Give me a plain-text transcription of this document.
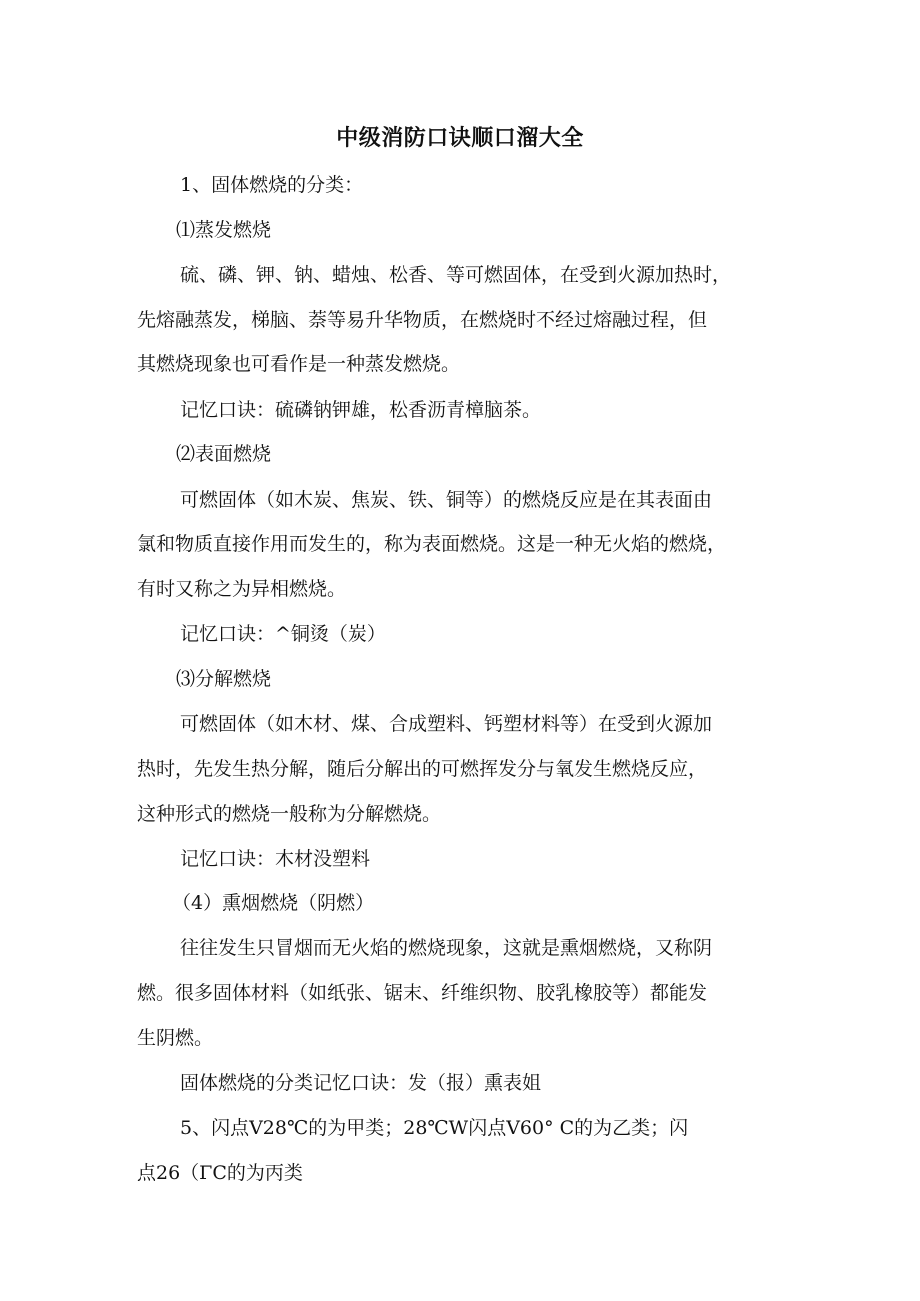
中级消防口诀顺口溜大全

1、固体燃烧的分类：

⑴蒸发燃烧

硫、磷、钾、钠、蜡烛、松香、等可燃固体，在受到火源加热时，

先熔融蒸发，梯脑、萘等易升华物质，在燃烧时不经过熔融过程，但

其燃烧现象也可看作是一种蒸发燃烧。

记忆口诀：硫磷钠钾雄，松香沥青樟脑茶。

⑵表面燃烧

可燃固体（如木炭、焦炭、铁、铜等）的燃烧反应是在其表面由

氯和物质直接作用而发生的，称为表面燃烧。这是一种无火焰的燃烧，

有时又称之为异相燃烧。

记忆口诀：^铜烫（炭）

⑶分解燃烧

可燃固体（如木材、煤、合成塑料、钙塑材料等）在受到火源加

热时，先发生热分解，随后分解出的可燃挥发分与氧发生燃烧反应，

这种形式的燃烧一般称为分解燃烧。

记忆口诀：木材没塑料

（4）熏烟燃烧（阴燃）

往往发生只冒烟而无火焰的燃烧现象，这就是熏烟燃烧，又称阴

燃。很多固体材料（如纸张、锯末、纤维织物、胶乳橡胶等）都能发

生阴燃。

固体燃烧的分类记忆口诀：发（报）熏表姐

5、闪点V28℃的为甲类；28℃W闪点V60° C的为乙类；闪

点26（ΓC的为丙类
